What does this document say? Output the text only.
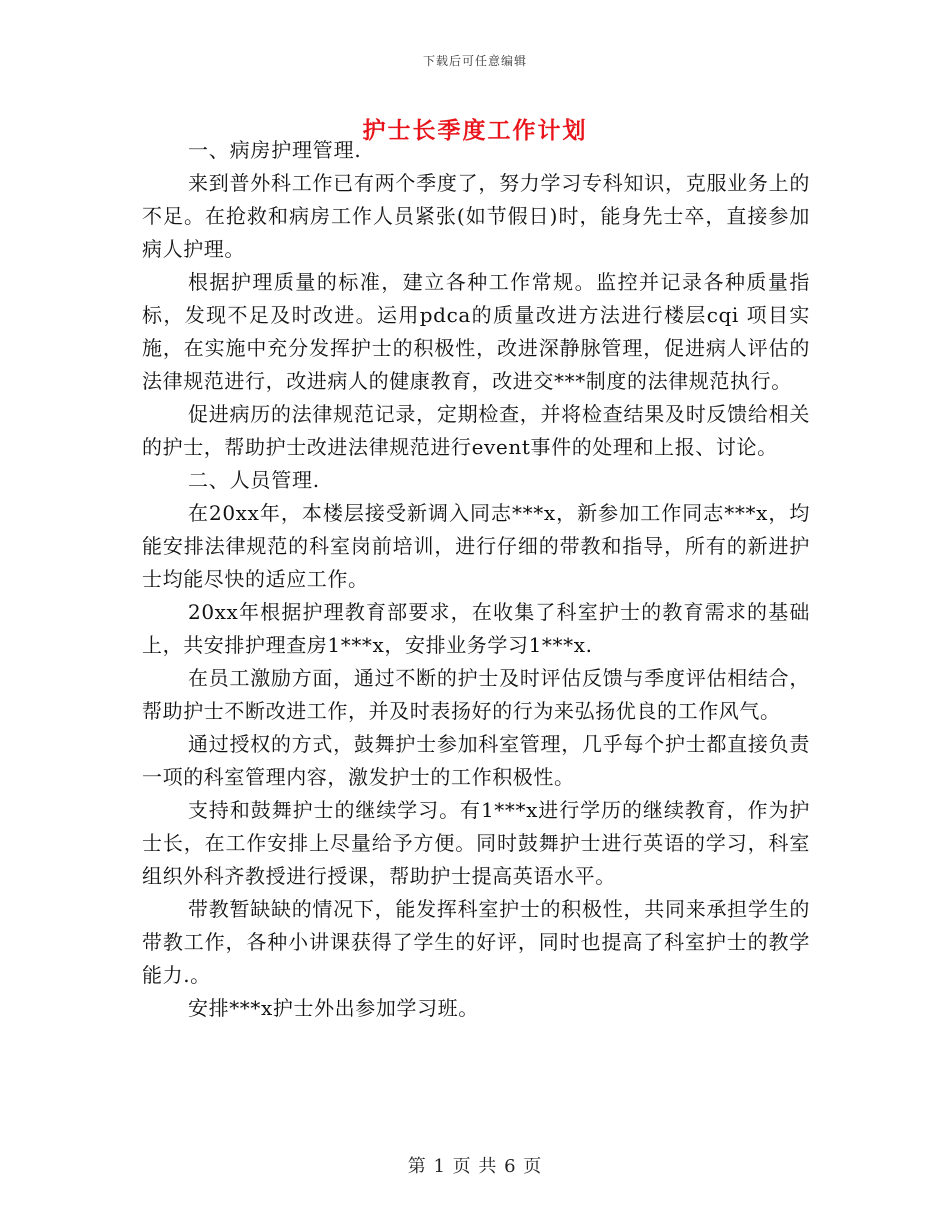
下载后可任意编辑
护士长季度工作计划

一、病房护理管理.

来到普外科工作已有两个季度了，努力学习专科知识，克服业务上的不足。在抢救和病房工作人员紧张(如节假日)时，能身先士卒，直接参加病人护理。

根据护理质量的标准，建立各种工作常规。监控并记录各种质量指标，发现不足及时改进。运用pdca的质量改进方法进行楼层cqi 项目实施，在实施中充分发挥护士的积极性，改进深静脉管理，促进病人评估的法律规范进行，改进病人的健康教育，改进交***制度的法律规范执行。

促进病历的法律规范记录，定期检查，并将检查结果及时反馈给相关的护士，帮助护士改进法律规范进行event事件的处理和上报、讨论。

二、人员管理.

在20xx年，本楼层接受新调入同志***x，新参加工作同志***x，均能安排法律规范的科室岗前培训，进行仔细的带教和指导，所有的新进护士均能尽快的适应工作。

20xx年根据护理教育部要求，在收集了科室护士的教育需求的基础上，共安排护理查房1***x，安排业务学习1***x.

在员工激励方面，通过不断的护士及时评估反馈与季度评估相结合，帮助护士不断改进工作，并及时表扬好的行为来弘扬优良的工作风气。

通过授权的方式，鼓舞护士参加科室管理，几乎每个护士都直接负责一项的科室管理内容，激发护士的工作积极性。

支持和鼓舞护士的继续学习。有1***x进行学历的继续教育，作为护士长，在工作安排上尽量给予方便。同时鼓舞护士进行英语的学习，科室组织外科齐教授进行授课，帮助护士提高英语水平。

带教暂缺缺的情况下，能发挥科室护士的积极性，共同来承担学生的带教工作，各种小讲课获得了学生的好评，同时也提高了科室护士的教学能力.。

安排***x护士外出参加学习班。

第 1 页 共 6 页
